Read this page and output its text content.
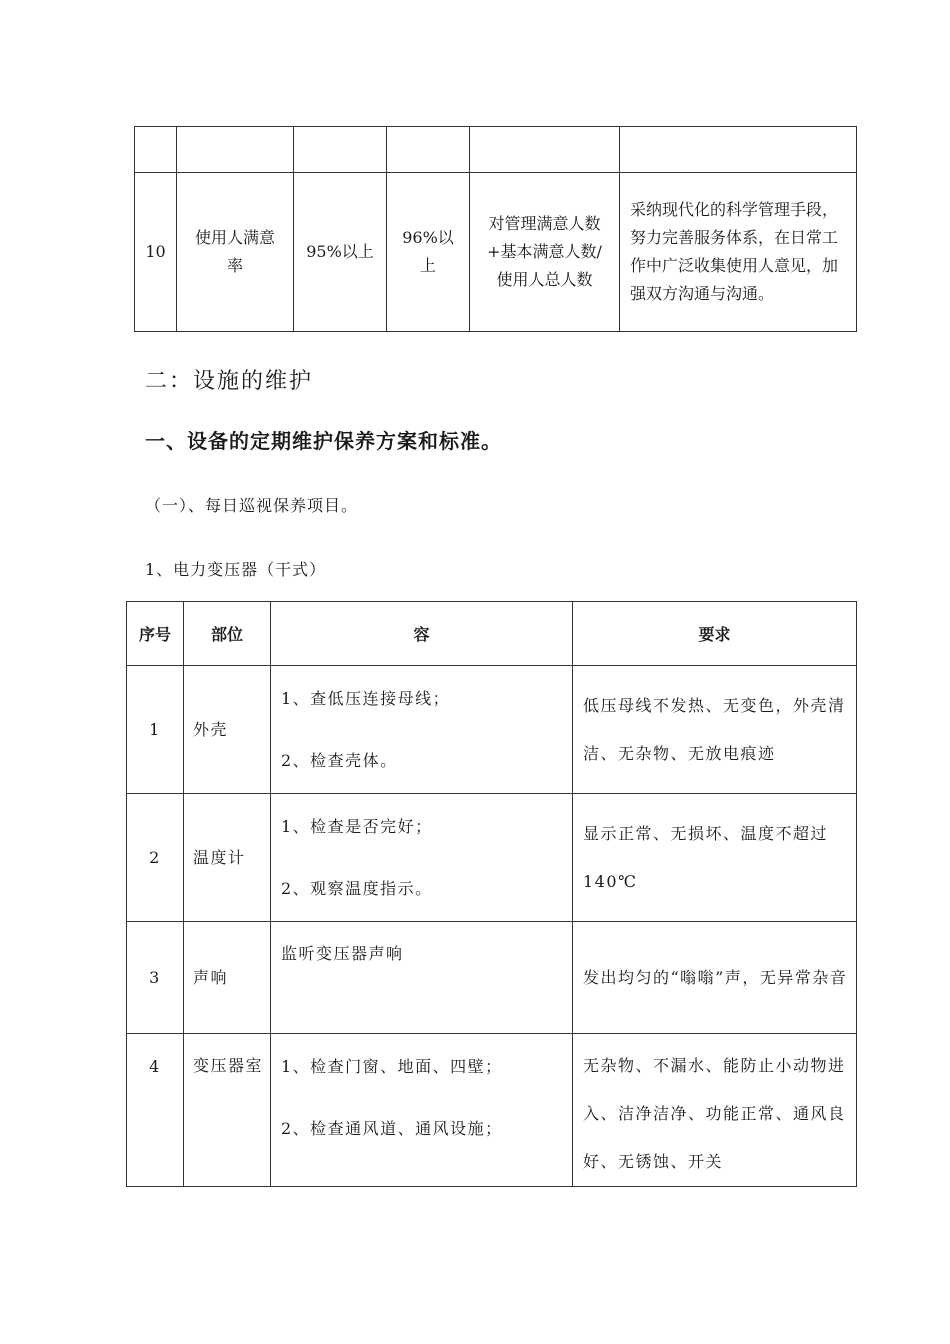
10	使用人满意率	95%以上	96%以上	对管理满意人数+基本满意人数/使用人总人数	采纳现代化的科学管理手段，努力完善服务体系，在日常工作中广泛收集使用人意见，加强双方沟通与沟通。
二：设施的维护
一、设备的定期维护保养方案和标准。
（一）、每日巡视保养项目。
1、电力变压器（干式）
序号	部位	容	要求
1	外壳	1、查低压连接母线；
2、检查壳体。	低压母线不发热、无变色，外壳清洁、无杂物、无放电痕迹
2	温度计	1、检查是否完好；
2、观察温度指示。	显示正常、无损坏、温度不超过 140℃
3	声响	监听变压器声响	发出均匀的“嗡嗡”声，无异常杂音
4	变压器室	1、检查门窗、地面、四壁；
2、检查通风道、通风设施；	无杂物、不漏水、能防止小动物进入、洁净洁净、功能正常、通风良好、无锈蚀、开关
